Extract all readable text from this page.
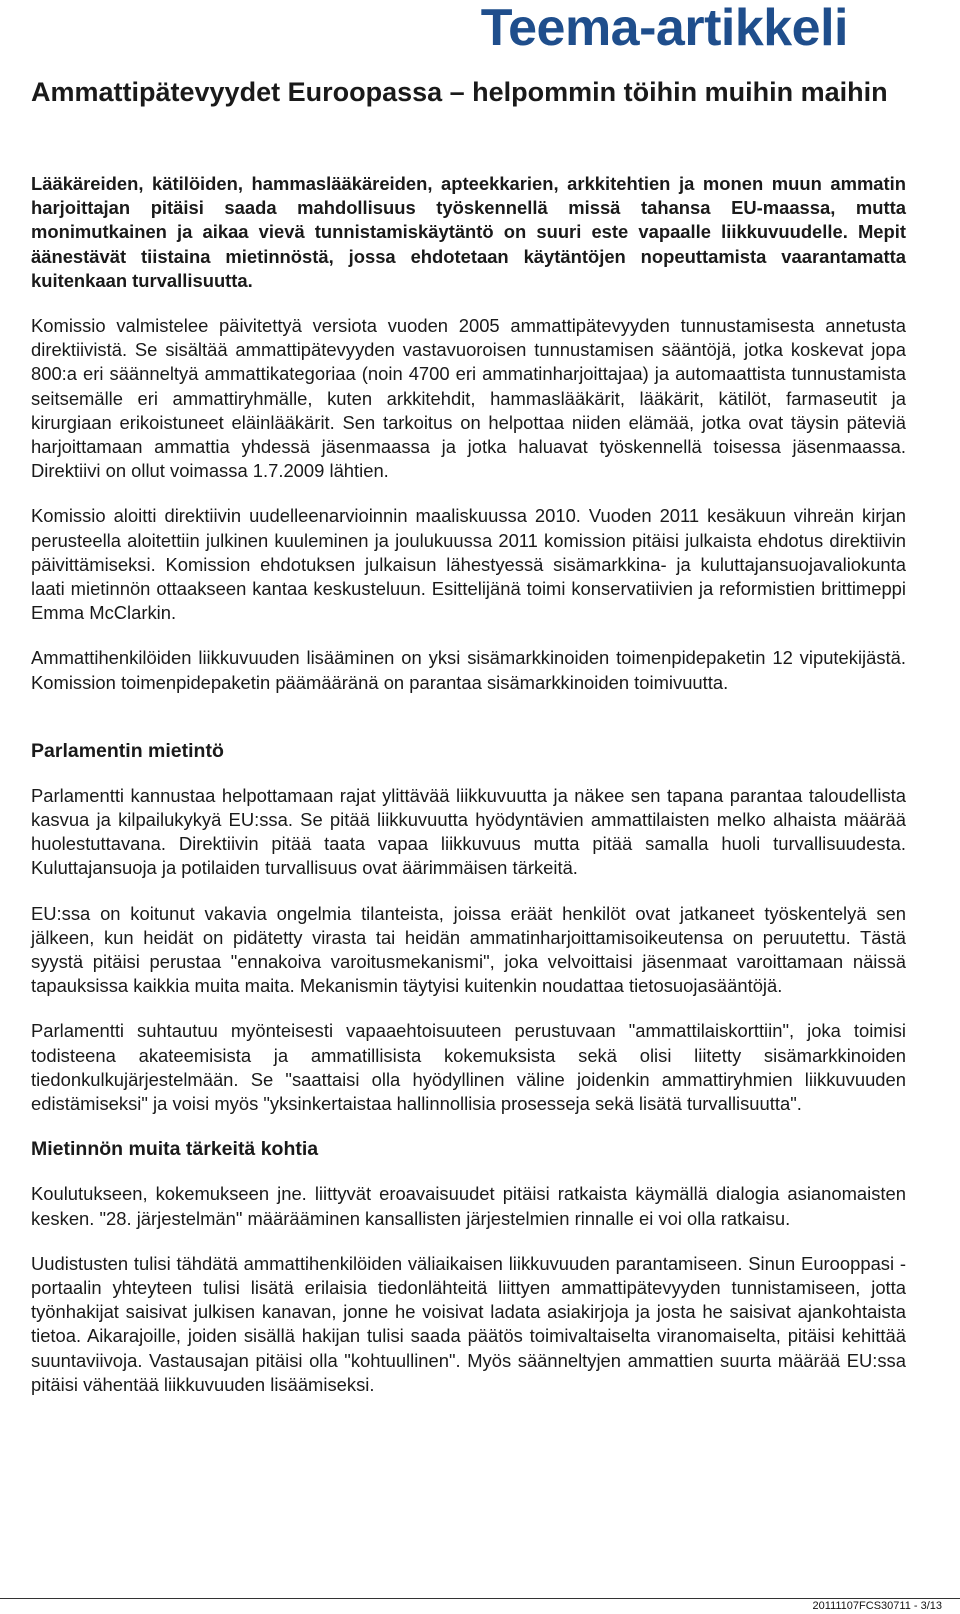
Teema-artikkeli
Ammattipätevyydet Euroopassa – helpommin töihin muihin maihin

Lääkäreiden, kätilöiden, hammaslääkäreiden, apteekkarien, arkkitehtien ja monen muun ammatin harjoittajan pitäisi saada mahdollisuus työskennellä missä tahansa EU-maassa, mutta monimutkainen ja aikaa vievä tunnistamiskäytäntö on suuri este vapaalle liikkuvuudelle. Mepit äänestävät tiistaina mietinnöstä, jossa ehdotetaan käytäntöjen nopeuttamista vaarantamatta kuitenkaan turvallisuutta.

Komissio valmistelee päivitettyä versiota vuoden 2005 ammattipätevyyden tunnustamisesta annetusta direktiivistä. Se sisältää ammattipätevyyden vastavuoroisen tunnustamisen sääntöjä, jotka koskevat jopa 800:a eri säänneltyä ammattikategoriaa (noin 4700 eri ammatinharjoittajaa) ja automaattista tunnustamista seitsemälle eri ammattiryhmälle, kuten arkkitehdit, hammaslääkärit, lääkärit, kätilöt, farmaseutit ja kirurgiaan erikoistuneet eläinlääkärit. Sen tarkoitus on helpottaa niiden elämää, jotka ovat täysin päteviä harjoittamaan ammattia yhdessä jäsenmaassa ja jotka haluavat työskennellä toisessa jäsenmaassa. Direktiivi on ollut voimassa 1.7.2009 lähtien.

Komissio aloitti direktiivin uudelleenarvioinnin maaliskuussa 2010. Vuoden 2011 kesäkuun vihreän kirjan perusteella aloitettiin julkinen kuuleminen ja joulukuussa 2011 komission pitäisi julkaista ehdotus direktiivin päivittämiseksi. Komission ehdotuksen julkaisun lähestyessä sisämarkkina- ja kuluttajansuojavaliokunta laati mietinnön ottaakseen kantaa keskusteluun. Esittelijänä toimi konservatiivien ja reformistien brittimeppi Emma McClarkin.

Ammattihenkilöiden liikkuvuuden lisääminen on yksi sisämarkkinoiden toimenpidepaketin 12 viputekijästä. Komission toimenpidepaketin päämääränä on parantaa sisämarkkinoiden toimivuutta.

Parlamentin mietintö

Parlamentti kannustaa helpottamaan rajat ylittävää liikkuvuutta ja näkee sen tapana parantaa taloudellista kasvua ja kilpailukykyä EU:ssa. Se pitää liikkuvuutta hyödyntävien ammattilaisten melko alhaista määrää huolestuttavana. Direktiivin pitää taata vapaa liikkuvuus mutta pitää samalla huoli turvallisuudesta. Kuluttajansuoja ja potilaiden turvallisuus ovat äärimmäisen tärkeitä.

EU:ssa on koitunut vakavia ongelmia tilanteista, joissa eräät henkilöt ovat jatkaneet työskentelyä sen jälkeen, kun heidät on pidätetty virasta tai heidän ammatinharjoittamisoikeutensa on peruutettu. Tästä syystä pitäisi perustaa "ennakoiva varoitusmekanismi", joka velvoittaisi jäsenmaat varoittamaan näissä tapauksissa kaikkia muita maita. Mekanismin täytyisi kuitenkin noudattaa tietosuojasääntöjä.

Parlamentti suhtautuu myönteisesti vapaaehtoisuuteen perustuvaan "ammattilaiskorttiin", joka toimisi todisteena akateemisista ja ammatillisista kokemuksista sekä olisi liitetty sisämarkkinoiden tiedonkulkujärjestelmään. Se "saattaisi olla hyödyllinen väline joidenkin ammattiryhmien liikkuvuuden edistämiseksi" ja voisi myös "yksinkertaistaa hallinnollisia prosesseja sekä lisätä turvallisuutta".

Mietinnön muita tärkeitä kohtia

Koulutukseen, kokemukseen jne. liittyvät eroavaisuudet pitäisi ratkaista käymällä dialogia asianomaisten kesken. "28. järjestelmän" määrääminen kansallisten järjestelmien rinnalle ei voi olla ratkaisu.

Uudistusten tulisi tähdätä ammattihenkilöiden väliaikaisen liikkuvuuden parantamiseen. Sinun Eurooppasi -portaalin yhteyteen tulisi lisätä erilaisia tiedonlähteitä liittyen ammattipätevyyden tunnistamiseen, jotta työnhakijat saisivat julkisen kanavan, jonne he voisivat ladata asiakirjoja ja josta he saisivat ajankohtaista tietoa. Aikarajoille, joiden sisällä hakijan tulisi saada päätös toimivaltaiselta viranomaiselta, pitäisi kehittää suuntaviivoja. Vastausajan pitäisi olla "kohtuullinen". Myös säänneltyjen ammattien suurta määrää EU:ssa pitäisi vähentää liikkuvuuden lisäämiseksi.

20111107FCS30711 - 3/13
